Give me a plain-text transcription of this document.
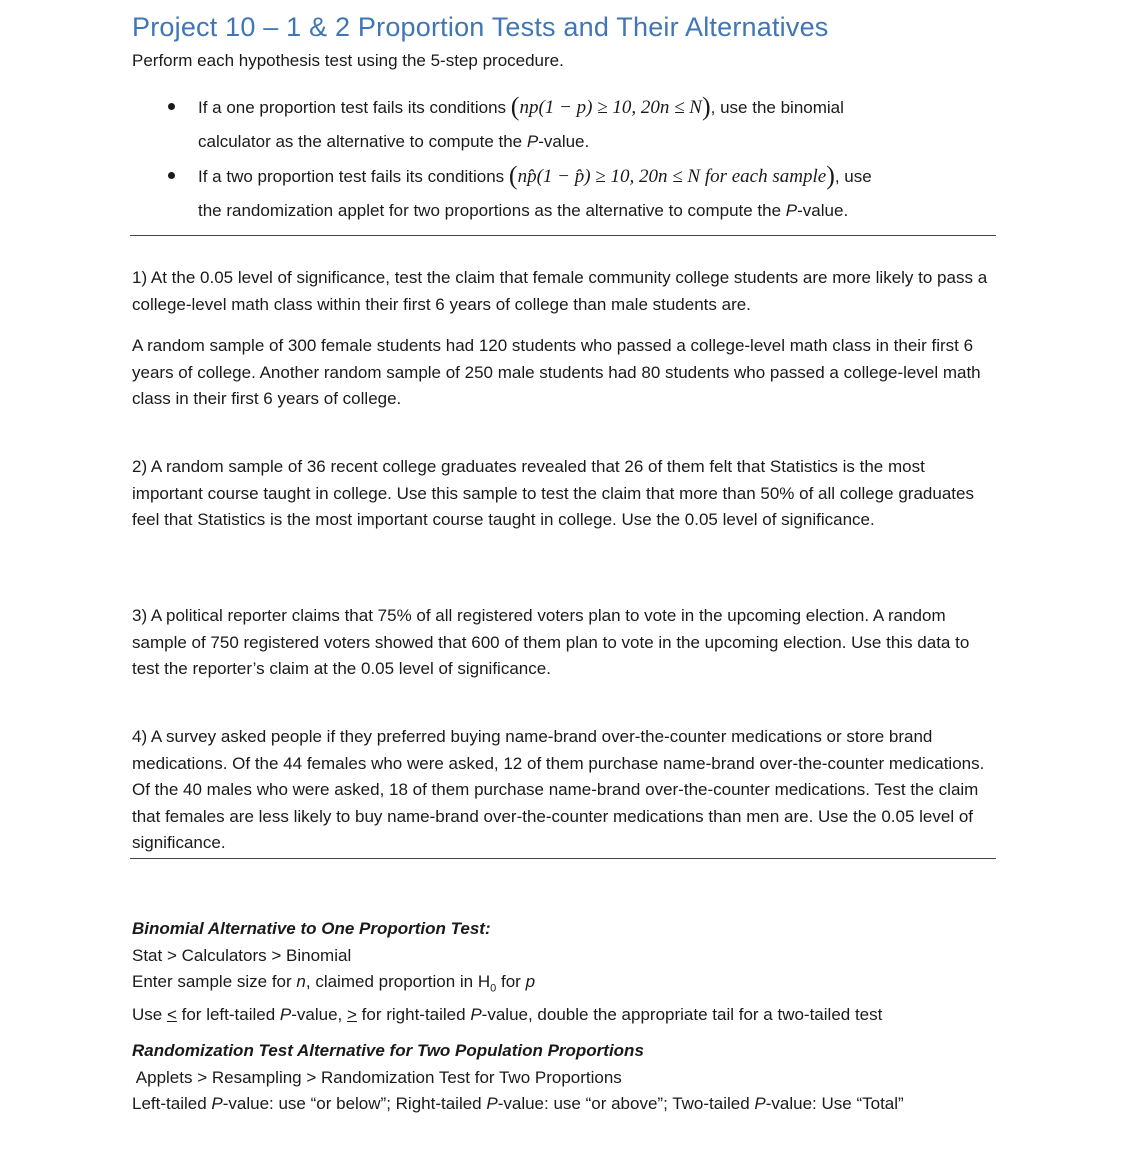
Project 10 – 1 & 2 Proportion Tests and Their Alternatives
Perform each hypothesis test using the 5-step procedure.
If a one proportion test fails its conditions (np(1 − p) ≥ 10, 20n ≤ N), use the binomial
calculator as the alternative to compute the P-value.
If a two proportion test fails its conditions (np̂(1 − p̂) ≥ 10, 20n ≤ N for each sample), use
the randomization applet for two proportions as the alternative to compute the P-value.
1) At the 0.05 level of significance, test the claim that female community college students are more likely to pass a college-level math class within their first 6 years of college than male students are.
A random sample of 300 female students had 120 students who passed a college-level math class in their first 6 years of college. Another random sample of 250 male students had 80 students who passed a college-level math class in their first 6 years of college.
2) A random sample of 36 recent college graduates revealed that 26 of them felt that Statistics is the most important course taught in college. Use this sample to test the claim that more than 50% of all college graduates feel that Statistics is the most important course taught in college. Use the 0.05 level of significance.
3) A political reporter claims that 75% of all registered voters plan to vote in the upcoming election. A random sample of 750 registered voters showed that 600 of them plan to vote in the upcoming election. Use this data to test the reporter’s claim at the 0.05 level of significance.
4) A survey asked people if they preferred buying name-brand over-the-counter medications or store brand medications. Of the 44 females who were asked, 12 of them purchase name-brand over-the-counter medications. Of the 40 males who were asked, 18 of them purchase name-brand over-the-counter medications. Test the claim that females are less likely to buy name-brand over-the-counter medications than men are. Use the 0.05 level of significance.
Binomial Alternative to One Proportion Test:
Stat > Calculators > Binomial
Enter sample size for n, claimed proportion in $H_0$ for p
Use < for left-tailed P-value, > for right-tailed P-value, double the appropriate tail for a two-tailed test
Randomization Test Alternative for Two Population Proportions
Applets > Resampling > Randomization Test for Two Proportions
Left-tailed P-value: use “or below”; Right-tailed P-value: use “or above”; Two-tailed P-value: Use “Total”
